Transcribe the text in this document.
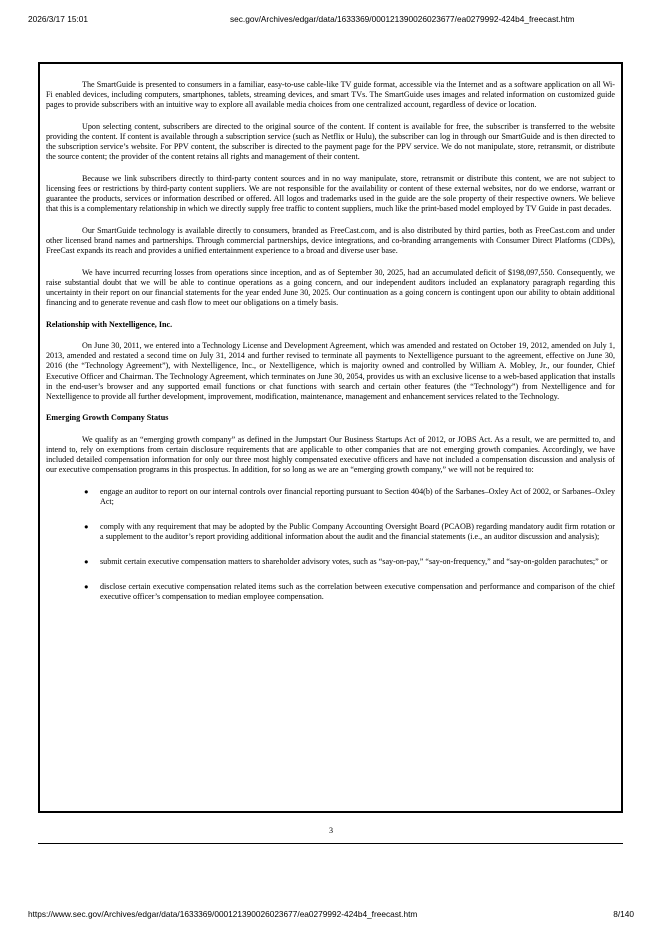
2026/3/17 15:01	sec.gov/Archives/edgar/data/1633369/000121390026023677/ea0279992-424b4_freecast.htm

The SmartGuide is presented to consumers in a familiar, easy-to-use cable-like TV guide format, accessible via the Internet and as a software application on all Wi-Fi enabled devices, including computers, smartphones, tablets, streaming devices, and smart TVs. The SmartGuide uses images and related information on customized guide pages to provide subscribers with an intuitive way to explore all available media choices from one centralized account, regardless of device or location.

Upon selecting content, subscribers are directed to the original source of the content. If content is available for free, the subscriber is transferred to the website providing the content. If content is available through a subscription service (such as Netflix or Hulu), the subscriber can log in through our SmartGuide and is then directed to the subscription service’s website. For PPV content, the subscriber is directed to the payment page for the PPV service. We do not manipulate, store, retransmit, or distribute the source content; the provider of the content retains all rights and management of their content.

Because we link subscribers directly to third-party content sources and in no way manipulate, store, retransmit or distribute this content, we are not subject to licensing fees or restrictions by third-party content suppliers. We are not responsible for the availability or content of these external websites, nor do we endorse, warrant or guarantee the products, services or information described or offered. All logos and trademarks used in the guide are the sole property of their respective owners. We believe that this is a complementary relationship in which we directly supply free traffic to content suppliers, much like the print-based model employed by TV Guide in past decades.

Our SmartGuide technology is available directly to consumers, branded as FreeCast.com, and is also distributed by third parties, both as FreeCast.com and under other licensed brand names and partnerships. Through commercial partnerships, device integrations, and co-branding arrangements with Consumer Direct Platforms (CDPs), FreeCast expands its reach and provides a unified entertainment experience to a broad and diverse user base.

We have incurred recurring losses from operations since inception, and as of September 30, 2025, had an accumulated deficit of $198,097,550. Consequently, we raise substantial doubt that we will be able to continue operations as a going concern, and our independent auditors included an explanatory paragraph regarding this uncertainty in their report on our financial statements for the year ended June 30, 2025. Our continuation as a going concern is contingent upon our ability to obtain additional financing and to generate revenue and cash flow to meet our obligations on a timely basis.

Relationship with Nextelligence, Inc.

On June 30, 2011, we entered into a Technology License and Development Agreement, which was amended and restated on October 19, 2012, amended on July 1, 2013, amended and restated a second time on July 31, 2014 and further revised to terminate all payments to Nextelligence pursuant to the agreement, effective on June 30, 2016 (the “Technology Agreement”), with Nextelligence, Inc., or Nextelligence, which is majority owned and controlled by William A. Mobley, Jr., our founder, Chief Executive Officer and Chairman. The Technology Agreement, which terminates on June 30, 2054, provides us with an exclusive license to a web-based application that installs in the end-user’s browser and any supported email functions or chat functions with search and certain other features (the “Technology”) from Nextelligence and for Nextelligence to provide all further development, improvement, modification, maintenance, management and enhancement services related to the Technology.

Emerging Growth Company Status

We qualify as an “emerging growth company” as defined in the Jumpstart Our Business Startups Act of 2012, or JOBS Act. As a result, we are permitted to, and intend to, rely on exemptions from certain disclosure requirements that are applicable to other companies that are not emerging growth companies. Accordingly, we have included detailed compensation information for only our three most highly compensated executive officers and have not included a compensation discussion and analysis of our executive compensation programs in this prospectus. In addition, for so long as we are an “emerging growth company,” we will not be required to:

● engage an auditor to report on our internal controls over financial reporting pursuant to Section 404(b) of the Sarbanes–Oxley Act of 2002, or Sarbanes–Oxley Act;
● comply with any requirement that may be adopted by the Public Company Accounting Oversight Board (PCAOB) regarding mandatory audit firm rotation or a supplement to the auditor’s report providing additional information about the audit and the financial statements (i.e., an auditor discussion and analysis);
● submit certain executive compensation matters to shareholder advisory votes, such as “say-on-pay,” “say-on-frequency,” and “say-on-golden parachutes;” or
● disclose certain executive compensation related items such as the correlation between executive compensation and performance and comparison of the chief executive officer’s compensation to median employee compensation.
3
https://www.sec.gov/Archives/edgar/data/1633369/000121390026023677/ea0279992-424b4_freecast.htm	8/140
